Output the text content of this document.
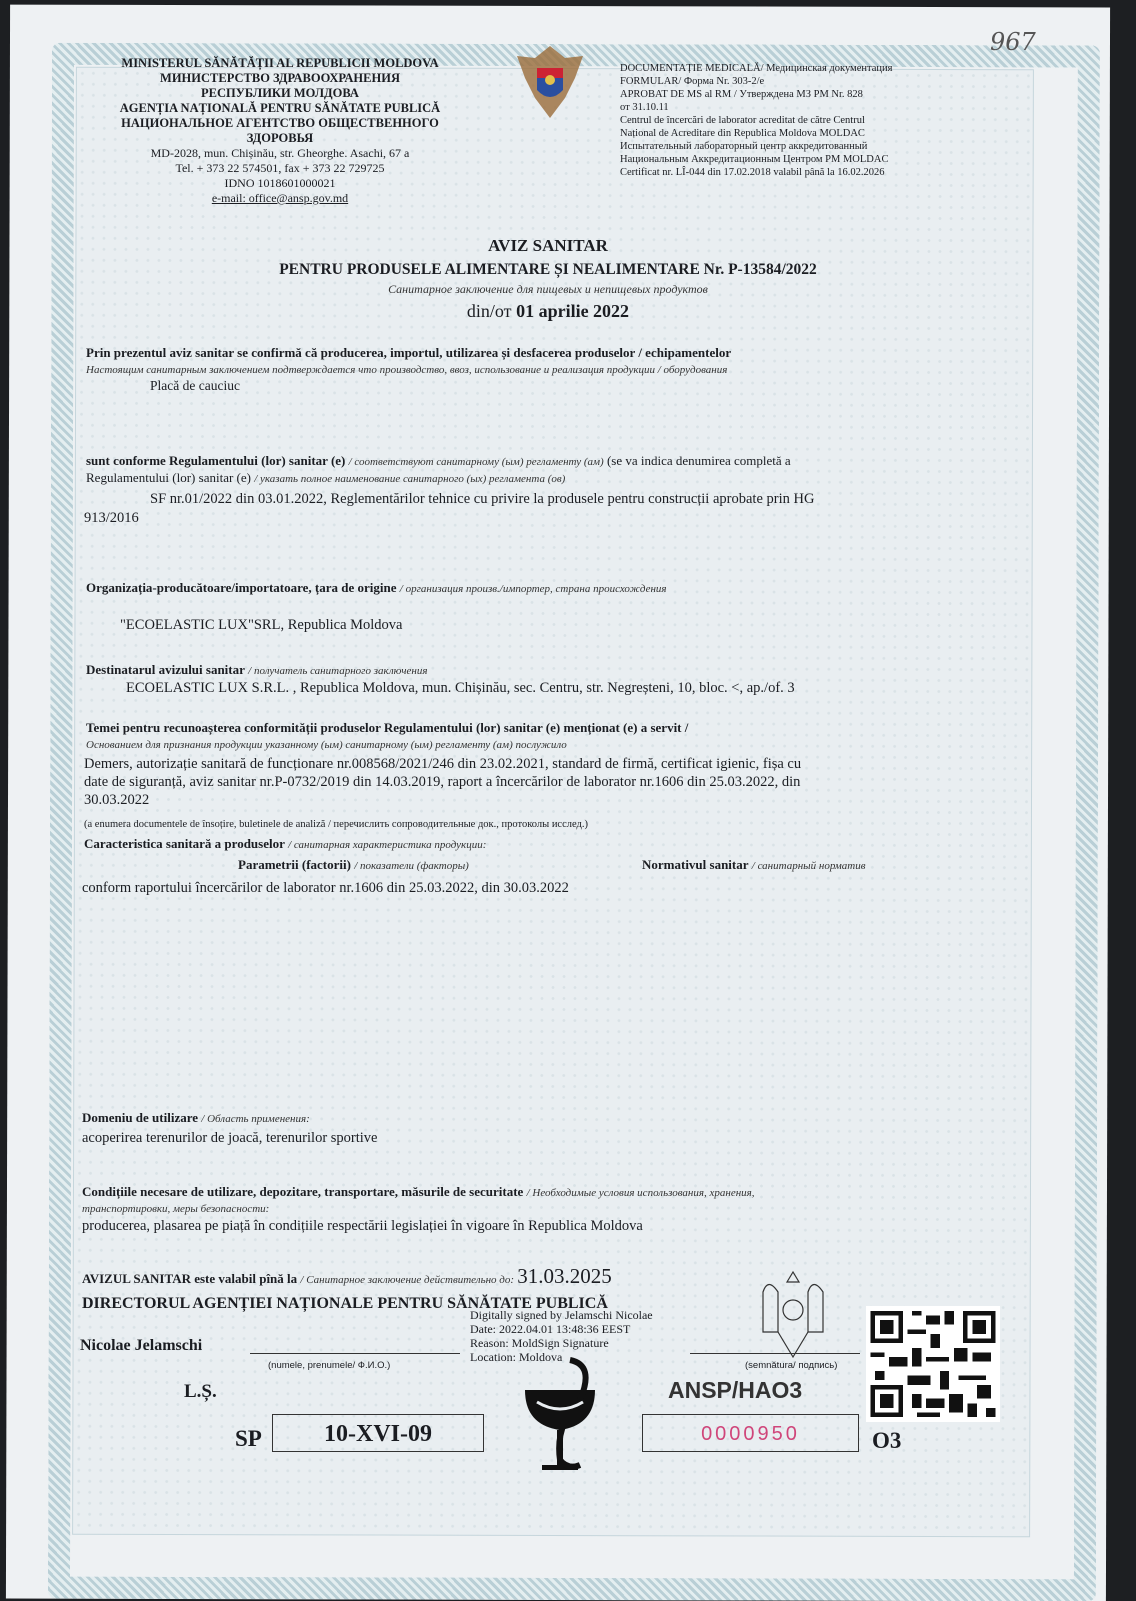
967
MINISTERUL SĂNĂTĂȚII AL REPUBLICII MOLDOVA
МИНИСТЕРСТВО ЗДРАВООХРАНЕНИЯ
РЕСПУБЛИКИ МОЛДОВА
AGENȚIA NAȚIONALĂ PENTRU SĂNĂTATE PUBLICĂ
НАЦИОНАЛЬНОЕ АГЕНТСТВО ОБЩЕСТВЕННОГО
ЗДОРОВЬЯ
MD-2028, mun. Chișinău, str. Gheorghe. Asachi, 67 a
Tel. + 373 22 574501, fax + 373 22 729725
IDNO 1018601000021
e-mail: office@ansp.gov.md
DOCUMENTAȚIE MEDICALĂ/ Медицинская документация
FORMULAR/ Форма Nr. 303-2/e
APROBAT DE MS al RM / Утверждена МЗ РМ Nr. 828
от 31.10.11
Centrul de încercări de laborator acreditat de către Centrul
Național de Acreditare din Republica Moldova MOLDAC
Испытательный лабораторный центр аккредитованный
Национальным Аккредитационным Центром РМ MOLDAC
Certificat nr. LÎ-044 din 17.02.2018 valabil până la 16.02.2026
AVIZ SANITAR
PENTRU PRODUSELE ALIMENTARE ȘI NEALIMENTARE Nr. P-13584/2022
Санитарное заключение для пищевых и непищевых продуктов
din/от 01 aprilie 2022
Prin prezentul aviz sanitar se confirmă că producerea, importul, utilizarea și desfacerea produselor / echipamentelor
Настоящим санитарным заключением подтверждается что производство, ввоз, использование и реализация продукции / оборудования
Placă de cauciuc
sunt conforme Regulamentului (lor) sanitar (e) / соответствуют санитарному (ым) регламенту (ам) (se va indica denumirea completă a
Regulamentului (lor) sanitar (e) / указать полное наименование санитарного (ых) регламента (ов)
SF nr.01/2022 din 03.01.2022, Reglementărilor tehnice cu privire la produsele pentru construcții aprobate prin HG
913/2016
Organizația-producătoare/importatoare, țara de origine / организация произв./импортер, страна происхождения
"ECOELASTIC LUX"SRL, Republica Moldova
Destinatarul avizului sanitar / получатель санитарного заключения
ECOELASTIC LUX S.R.L. , Republica Moldova, mun. Chișinău, sec. Centru, str. Negreșteni, 10, bloc. <, ap./of. 3
Temei pentru recunoașterea conformității produselor Regulamentului (lor) sanitar (e) menționat (e) a servit /
Основанием для признания продукции указанному (ым) санитарному (ым) регламенту (ам) послужило
Demers, autorizație sanitară de funcționare nr.008568/2021/246 din 23.02.2021, standard de firmă, certificat igienic, fișa cu
date de siguranță, aviz sanitar nr.P-0732/2019 din 14.03.2019, raport a încercărilor de laborator nr.1606 din 25.03.2022, din
30.03.2022
(a enumera documentele de însoțire, buletinele de analiză / перечислить сопроводительные док., протоколы исслед.)
Caracteristica sanitară a produselor / санитарная характеристика продукции:
Parametrii (factorii) / показатели (факторы)	Normativul sanitar / санитарный норматив
conform raportului încercărilor de laborator nr.1606 din 25.03.2022, din 30.03.2022
Domeniu de utilizare / Область применения:
acoperirea terenurilor de joacă, terenurilor sportive
Condițiile necesare de utilizare, depozitare, transportare, măsurile de securitate / Необходимые условия использования, хранения,
транспортировки, меры безопасности:
producerea, plasarea pe piață în condițiile respectării legislației în vigoare în Republica Moldova
AVIZUL SANITAR este valabil pînă la / Санитарное заключение действительно до: 31.03.2025
DIRECTORUL AGENȚIEI NAȚIONALE PENTRU SĂNĂTATE PUBLICĂ
Digitally signed by Jelamschi Nicolae
Date: 2022.04.01 13:48:36 EEST
Reason: MoldSign Signature
Location: Moldova
Nicolae Jelamschi
(numele, prenumele/ Ф.И.О.)	(semnătura/ подпись)
L.Ș.	ANSP/HAO3
SP	10-XVI-09	0000950	O3
